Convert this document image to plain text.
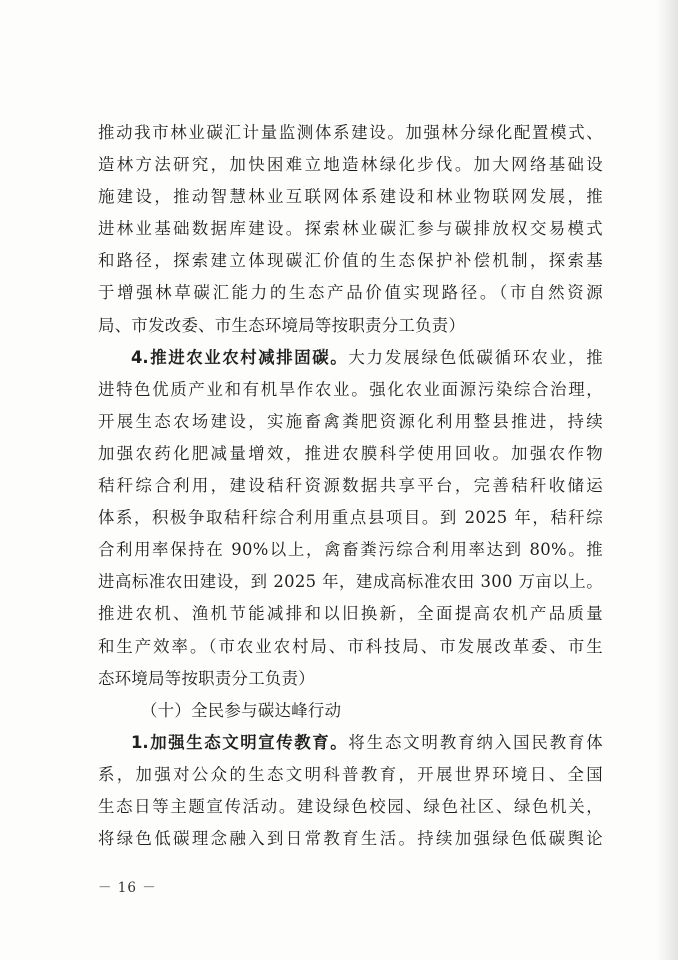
推动我市林业碳汇计量监测体系建设。加强林分绿化配置模式、
造林方法研究，加快困难立地造林绿化步伐。加大网络基础设
施建设，推动智慧林业互联网体系建设和林业物联网发展，推
进林业基础数据库建设。探索林业碳汇参与碳排放权交易模式
和路径，探索建立体现碳汇价值的生态保护补偿机制，探索基
于增强林草碳汇能力的生态产品价值实现路径。（市自然资源
局、市发改委、市生态环境局等按职责分工负责）
4.推进农业农村减排固碳。大力发展绿色低碳循环农业，推
进特色优质产业和有机旱作农业。强化农业面源污染综合治理，
开展生态农场建设，实施畜禽粪肥资源化利用整县推进，持续
加强农药化肥减量增效，推进农膜科学使用回收。加强农作物
秸秆综合利用，建设秸秆资源数据共享平台，完善秸秆收储运
体系，积极争取秸秆综合利用重点县项目。到 2025 年，秸秆综
合利用率保持在 90%以上，禽畜粪污综合利用率达到 80%。推
进高标准农田建设，到 2025 年，建成高标准农田 300 万亩以上。
推进农机、渔机节能减排和以旧换新，全面提高农机产品质量
和生产效率。（市农业农村局、市科技局、市发展改革委、市生
态环境局等按职责分工负责）
（十）全民参与碳达峰行动
1.加强生态文明宣传教育。将生态文明教育纳入国民教育体
系，加强对公众的生态文明科普教育，开展世界环境日、全国
生态日等主题宣传活动。建设绿色校园、绿色社区、绿色机关，
将绿色低碳理念融入到日常教育生活。持续加强绿色低碳舆论
－ 16 －
